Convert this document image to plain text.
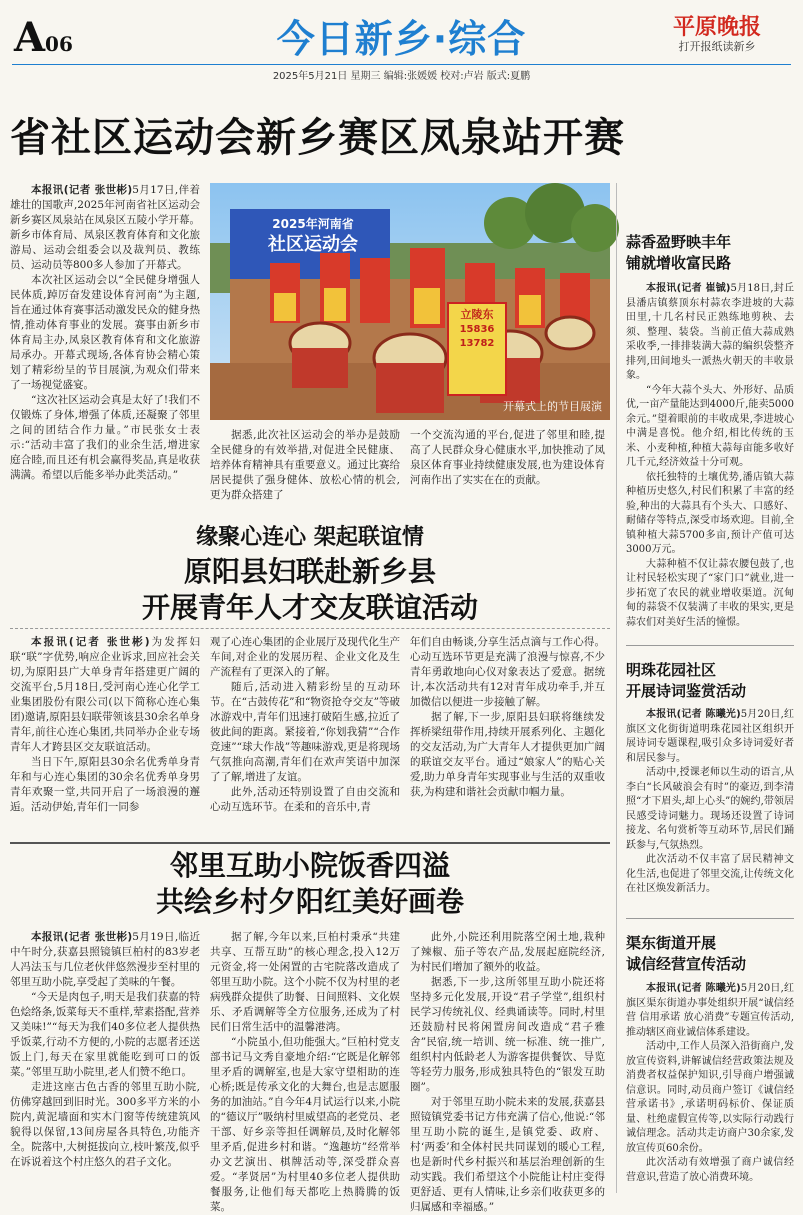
A06	今日新乡·综合	平原晚报
打开报纸读新乡
2025年5月21日 星期三 编辑:张媛媛 校对:卢岩 版式:夏鹏
省社区运动会新乡赛区凤泉站开赛

本报讯(记者 张世彬)5月17日,伴着雄壮的国歌声,2025年河南省社区运动会新乡赛区凤泉站在凤泉区五陵小学开幕。新乡市体育局、凤泉区教育体育和文化旅游局、运动会组委会以及裁判员、教练员、运动员等800多人参加了开幕式。

本次社区运动会以“全民健身增强人民体质,踔厉奋发建设体育河南”为主题,旨在通过体育赛事活动激发民众的健身热情,推动体育事业的发展。赛事由新乡市体育局主办,凤泉区教育体育和文化旅游局承办。开幕式现场,各体育协会精心策划了精彩纷呈的节目展演,为观众们带来了一场视觉盛宴。

“这次社区运动会真是太好了!我们不仅锻炼了身体,增强了体质,还凝聚了邻里之间的团结合作力量。”市民张女士表示:“活动丰富了我们的业余生活,增进家庭合睦,而且还有机会赢得奖品,真是收获满满。希望以后能多举办此类活动。”

2025年河南省
社区运动会
立陵东
15836
13782
开幕式上的节目展演

据悉,此次社区运动会的举办是鼓励全民健身的有效举措,对促进全民健康、培养体育精神具有重要意义。通过比赛给居民提供了强身健体、放松心情的机会,更为群众搭建了

一个交流沟通的平台,促进了邻里和睦,提高了人民群众身心健康水平,加快推动了凤泉区体育事业持续健康发展,也为建设体育河南作出了实实在在的贡献。

缘聚心连心 架起联谊情
原阳县妇联赴新乡县
开展青年人才交友联谊活动

本报讯(记者 张世彬)为发挥妇联“联”字优势,响应企业诉求,回应社会关切,为原阳县广大单身青年搭建更广阔的交流平台,5月18日,受河南心连心化学工业集团股份有限公司(以下简称心连心集团)邀请,原阳县妇联带领该县30余名单身青年,前往心连心集团,共同举办企业专场青年人才跨县区交友联谊活动。

当日下午,原阳县30余名优秀单身青年和与心连心集团的30余名优秀单身男青年欢聚一堂,共同开启了一场浪漫的邂逅。活动伊始,青年们一同参

观了心连心集团的企业展厅及现代化生产车间,对企业的发展历程、企业文化及生产流程有了更深入的了解。

随后,活动进入精彩纷呈的互动环节。在“古鼓传花”和“物资抢夺交友”等破冰游戏中,青年们迅速打破陌生感,拉近了彼此间的距离。紧接着,“你划我猜”“合作竞速”“球大作战”等趣味游戏,更是将现场气氛推向高潮,青年们在欢声笑语中加深了了解,增进了友谊。

此外,活动还特别设置了自由交流和心动互选环节。在柔和的音乐中,青

年们自由畅谈,分享生活点滴与工作心得。心动互选环节更是充满了浪漫与惊喜,不少青年勇敢地向心仪对象表达了爱意。据统计,本次活动共有12对青年成功牵手,并互加微信以便进一步接触了解。

据了解,下一步,原阳县妇联将继续发挥桥梁纽带作用,持续开展系列化、主题化的交友活动,为广大青年人才提供更加广阔的联谊交友平台。通过“娘家人”的贴心关爱,助力单身青年实现事业与生活的双重收获,为构建和谐社会贡献巾帼力量。

邻里互助小院饭香四溢
共绘乡村夕阳红美好画卷

本报讯(记者 张世彬)5月19日,临近中午时分,获嘉县照镜镇巨柏村的83岁老人冯法玉与几位老伙伴悠然漫步至村里的邻里互助小院,享受起了美味的午餐。

“今天是肉包子,明天是我们获嘉的特色烩络条,饭菜每天不重样,荤素搭配,营养又美味!”“每天为我们40多位老人提供热乎饭菜,行动不方便的,小院的志愿者还送饭上门,每天在家里就能吃到可口的饭菜。”邻里互助小院里,老人们赞不绝口。

走进这座古色古香的邻里互助小院,仿佛穿越回到旧时光。300多平方米的小院内,黄泥墙面和实木门窗等传统建筑风貌得以保留,13间房屋各具特色,功能齐全。院落中,大树挺拔向立,枝叶繁茂,似乎在诉说着这个村庄悠久的君子文化。

据了解,今年以来,巨柏村秉承“共建共享、互帮互助”的核心理念,投入12万元资金,将一处闲置的古宅院落改造成了邻里互助小院。这个小院不仅为村里的老病残群众提供了助餐、日间照料、文化娱乐、矛盾调解等全方位服务,还成为了村民们日常生活中的温馨港湾。

“小院虽小,但功能强大。”巨柏村党支部书记马文秀自豪地介绍:“它既是化解邻里矛盾的调解室,也是大家守望相助的连心桥;既是传承文化的大舞台,也是志愿服务的加油站。”自今年4月试运行以来,小院的“德议厅”吸纳村里威望高的老党员、老干部、好乡亲等担任调解员,及时化解邻里矛盾,促进乡村和谐。“逸趣坊”经常举办文艺演出、棋牌活动等,深受群众喜爱。“孝贤居”为村里40多位老人提供助餐服务,让他们每天都吃上热腾腾的饭菜。

此外,小院还利用院落空闲土地,栽种了辣椒、茄子等农产品,发展起庭院经济,为村民们增加了额外的收益。

据悉,下一步,这所邻里互助小院还将坚持多元化发展,开设“君子学堂”,组织村民学习传统礼仪、经典诵读等。同时,村里还鼓励村民将闲置房间改造成“君子雅舍”民宿,统一培训、统一标准、统一推广,组织村内低龄老人为游客提供餐饮、导览等轻劳力服务,形成独具特色的“银发互助圈”。

对于邻里互助小院未来的发展,获嘉县照镜镇党委书记方伟充满了信心,他说:“邻里互助小院的诞生,是镇党委、政府、村‘两委’和全体村民共同谋划的暖心工程,也是新时代乡村振兴和基层治理创新的生动实践。我们希望这个小院能让村庄变得更舒适、更有人情味,让乡亲们收获更多的归属感和幸福感。”

蒜香盈野映丰年
铺就增收富民路

本报讯(记者 崔铖)5月18日,封丘县潘店镇蔡顶东村蒜农李进坡的大蒜田里,十几名村民正熟练地剪秧、去须、整理、装袋。当前正值大蒜成熟采收季,一排排装满大蒜的编织袋整齐排列,田间地头一派热火朝天的丰收景象。

“今年大蒜个头大、外形好、品质优,一亩产量能达到4000斤,能卖5000余元。”望着眼前的丰收成果,李进坡心中满是喜悦。他介绍,相比传统的玉米、小麦种植,种植大蒜每亩能多收好几千元,经济效益十分可观。

依托独特的土壤优势,潘店镇大蒜种植历史悠久,村民们积累了丰富的经验,种出的大蒜具有个头大、口感好、耐储存等特点,深受市场欢迎。目前,全镇种植大蒜5700多亩,预计产值可达3000万元。

大蒜种植不仅让蒜农腰包鼓了,也让村民轻松实现了“家门口”就业,进一步拓宽了农民的就业增收渠道。沉甸甸的蒜袋不仅装满了丰收的果实,更是蒜农们对美好生活的憧憬。

明珠花园社区
开展诗词鉴赏活动

本报讯(记者 陈曦光)5月20日,红旗区文化街街道明珠花园社区组织开展诗词专题课程,吸引众多诗词爱好者和居民参与。

活动中,授课老师以生动的语言,从李白“长风破浪会有时”的豪迈,到李清照“才下眉头,却上心头”的婉约,带领居民感受诗词魅力。现场还设置了诗词接龙、名句赏析等互动环节,居民们踊跃参与,气氛热烈。

此次活动不仅丰富了居民精神文化生活,也促进了邻里交流,让传统文化在社区焕发新活力。

渠东街道开展
诚信经营宣传活动

本报讯(记者 陈曦光)5月20日,红旗区渠东街道办事处组织开展“诚信经营 信用承诺 放心消费”专题宣传活动,推动辖区商业诚信体系建设。

活动中,工作人员深入沿街商户,发放宣传资料,讲解诚信经营政策法规及消费者权益保护知识,引导商户增强诚信意识。同时,动员商户签订《诚信经营承诺书》,承诺明码标价、保证质量、杜绝虚假宣传等,以实际行动践行诚信理念。活动共走访商户30余家,发放宣传页60余份。

此次活动有效增强了商户诚信经营意识,营造了放心消费环境。
